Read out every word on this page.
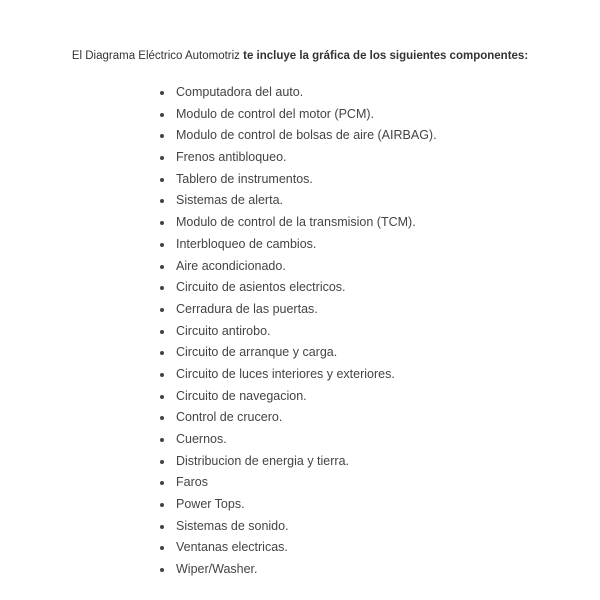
El Diagrama Eléctrico Automotriz te incluye la gráfica de los siguientes componentes:

Computadora del auto.
Modulo de control del motor (PCM).
Modulo de control de bolsas de aire (AIRBAG).
Frenos antibloqueo.
Tablero de instrumentos.
Sistemas de alerta.
Modulo de control de la transmision (TCM).
Interbloqueo de cambios.
Aire acondicionado.
Circuito de asientos electricos.
Cerradura de las puertas.
Circuito antirobo.
Circuito de arranque y carga.
Circuito de luces interiores y exteriores.
Circuito de navegacion.
Control de crucero.
Cuernos.
Distribucion de energia y tierra.
Faros
Power Tops.
Sistemas de sonido.
Ventanas electricas.
Wiper/Washer.
